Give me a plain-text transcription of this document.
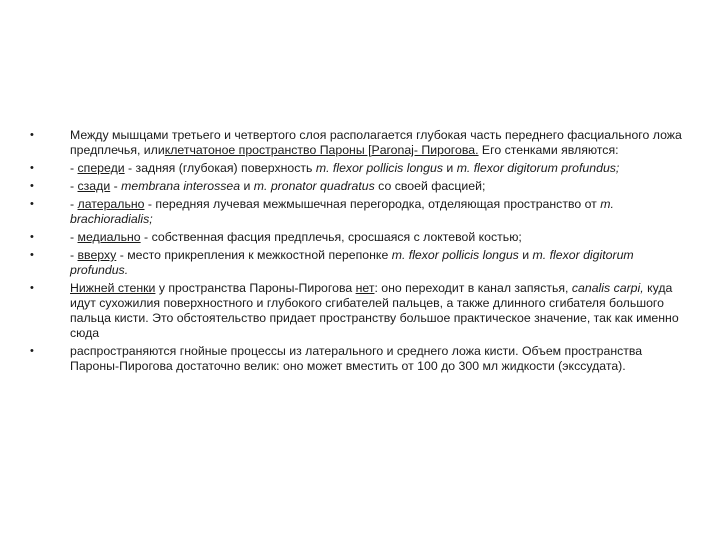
•	Между мышцами третьего и четвертого слоя располагается глубокая часть переднего фасциального ложа предплечья, иликлетчатоное пространство Пароны [Paronaj- Пирогова. Его стенками являются:
•	- спереди - задняя (глубокая) поверхность m. flexor pollicis longus и m. flexor digitorum profundus;
•	- сзади - membrana interossea и m. pronator quadratus со своей фасцией;
•	- латерально - передняя лучевая межмышечная перегородка, отделяющая пространство от m. brachioradialis;
•	- медиально - собственная фасция предплечья, сросшаяся с локтевой костью;
•	- вверху - место прикрепления к межкостной перепонке m. flexor pollicis longus и m. flexor digitorum profundus.
•	Нижней стенки у пространства Пароны-Пирогова нет: оно переходит в канал запястья, canalis carpi, куда идут сухожилия поверхностного и глубокого сгибателей пальцев, а также длинного сгибателя большого пальца кисти. Это обстоятельство придает пространству большое практическое значение, так как именно сюда
•	распространяются гнойные процессы из латерального и среднего ложа кисти. Объем пространства Пароны-Пирогова достаточно велик: оно может вместить от 100 до 300 мл жидкости (экссудата).
